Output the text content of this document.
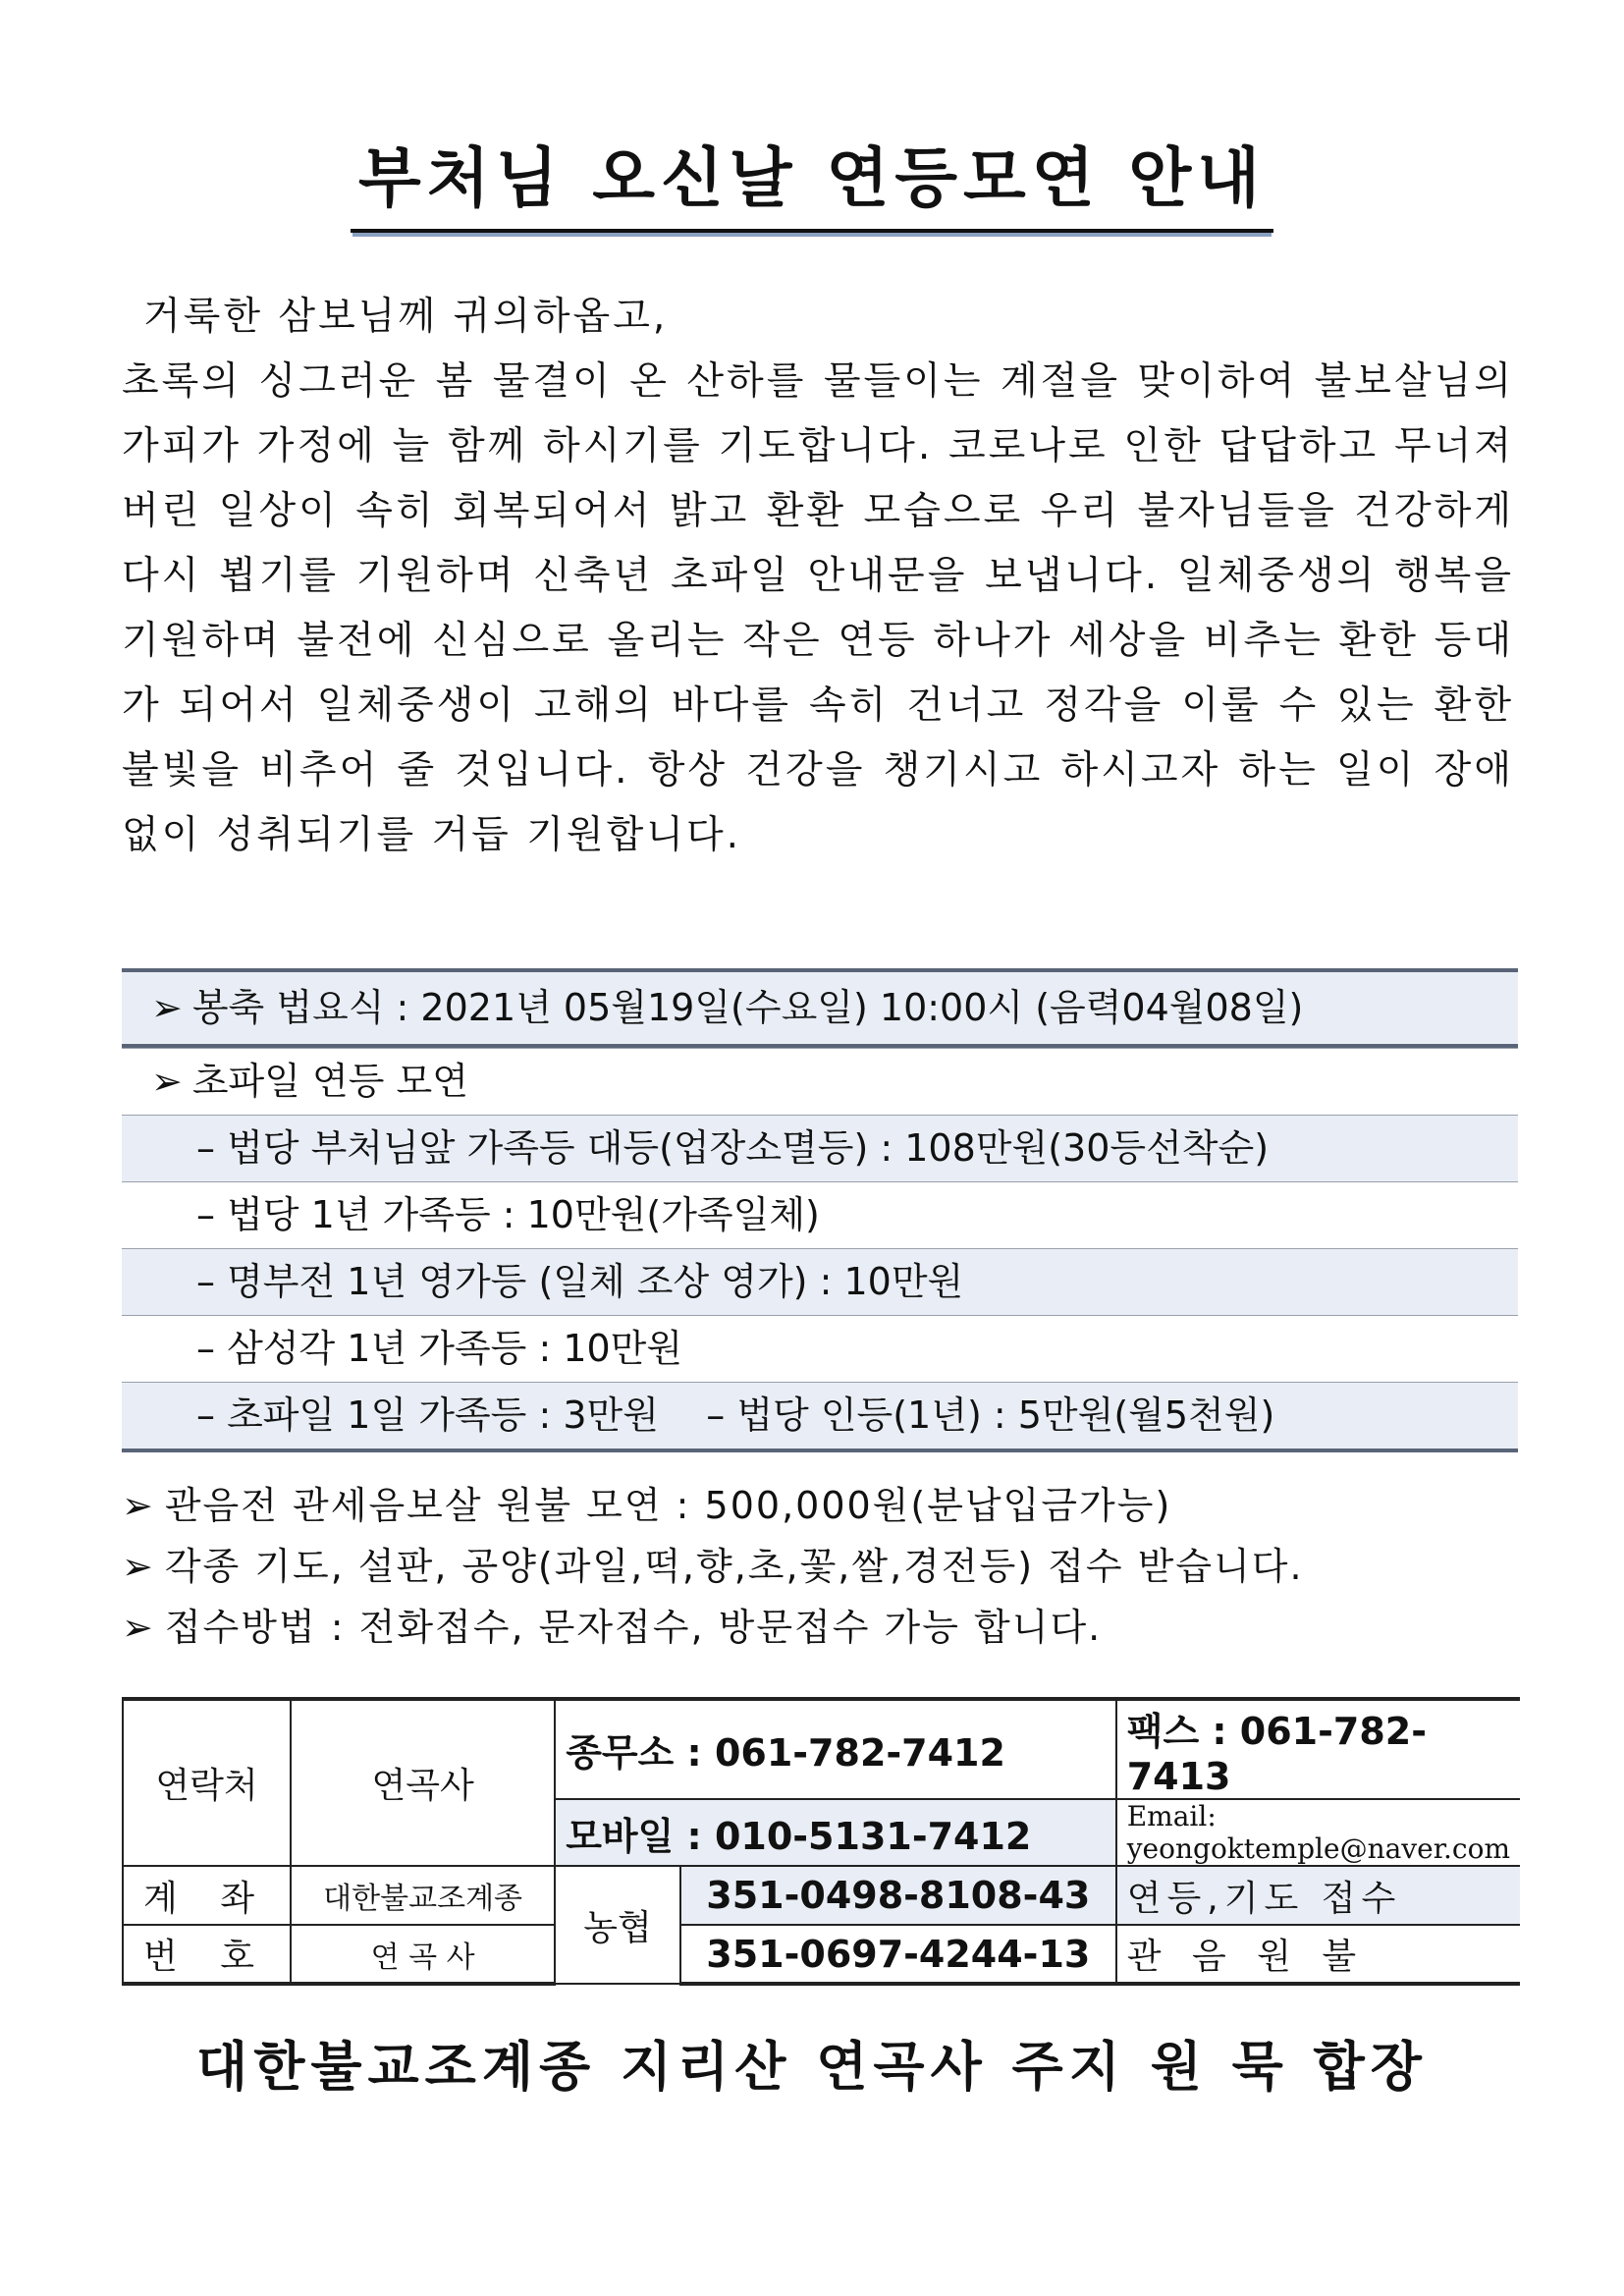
부처님 오신날 연등모연 안내
거룩한 삼보님께 귀의하옵고,
초록의 싱그러운 봄 물결이 온 산하를 물들이는 계절을 맞이하여 불보살님의 가피가 가정에 늘 함께 하시기를 기도합니다. 코로나로 인한 답답하고 무너져버린 일상이 속히 회복되어서 밝고 환환 모습으로 우리 불자님들을 건강하게 다시 뵙기를 기원하며 신축년 초파일 안내문을 보냅니다. 일체중생의 행복을 기원하며 불전에 신심으로 올리는 작은 연등 하나가 세상을 비추는 환한 등대가 되어서 일체중생이 고해의 바다를 속히 건너고 정각을 이룰 수 있는 환한 불빛을 비추어 줄 것입니다. 항상 건강을 챙기시고 하시고자 하는 일이 장애 없이 성취되기를 거듭 기원합니다.
➢ 봉축 법요식 : 2021년 05월19일(수요일) 10:00시 (음력04월08일)
➢ 초파일 연등 모연
– 법당 부처님앞 가족등 대등(업장소멸등) : 108만원(30등선착순)
– 법당 1년 가족등 : 10만원(가족일체)
– 명부전 1년 영가등 (일체 조상 영가) : 10만원
– 삼성각 1년 가족등 : 10만원
– 초파일 1일 가족등 : 3만원    – 법당 인등(1년) : 5만원(월5천원)
➢ 관음전 관세음보살 원불 모연 : 500,000원(분납입금가능)
➢ 각종 기도, 설판, 공양(과일,떡,향,초,꽃,쌀,경전등) 접수 받습니다.
➢ 접수방법 : 전화접수, 문자접수, 방문접수 가능 합니다.
연락처	연곡사	종무소 : 061-782-7412		팩스 : 061-782-7413
		모바일 : 010-5131-7412		Email: yeongoktemple@naver.com
계 좌	대한불교조계종	농협	351-0498-8108-43	연등,기도 접수
번 호	연 곡 사		351-0697-4244-13	관 음 원 불
대한불교조계종 지리산 연곡사 주지 원 묵 합장
